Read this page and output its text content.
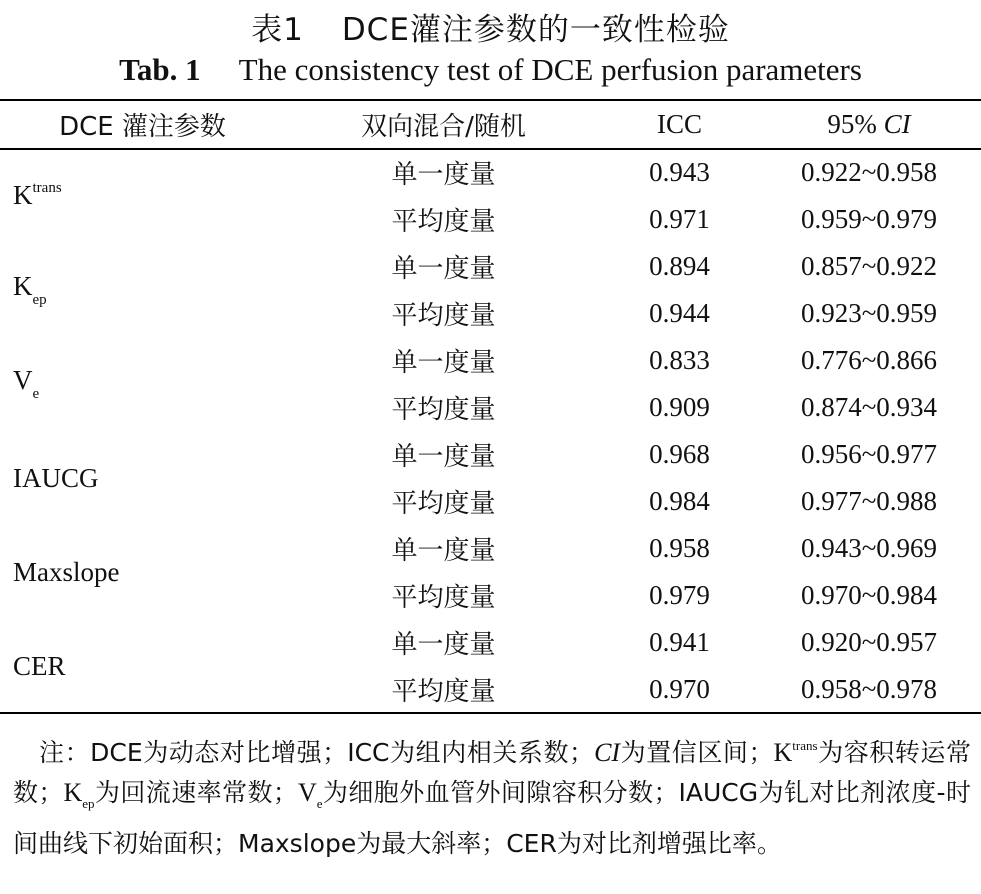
表1 DCE灌注参数的一致性检验
Tab. 1 The consistency test of DCE perfusion parameters
DCE 灌注参数	双向混合/随机	ICC	95% CI
$K^{trans}$	单一度量	0.943	0.922~0.958
	平均度量	0.971	0.959~0.979
$K_{ep}$	单一度量	0.894	0.857~0.922
	平均度量	0.944	0.923~0.959
$V_e$	单一度量	0.833	0.776~0.866
	平均度量	0.909	0.874~0.934
IAUCG	单一度量	0.968	0.956~0.977
	平均度量	0.984	0.977~0.988
Maxslope	单一度量	0.958	0.943~0.969
	平均度量	0.979	0.970~0.984
CER	单一度量	0.941	0.920~0.957
	平均度量	0.970	0.958~0.978

注：DCE为动态对比增强；ICC为组内相关系数；CI为置信区间；$K^{trans}$为容积转运常数；$K_{ep}$为回流速率常数；$V_e$为细胞外血管外间隙容积分数；IAUCG为钆对比剂浓度-时间曲线下初始面积；Maxslope为最大斜率；CER为对比剂增强比率。
